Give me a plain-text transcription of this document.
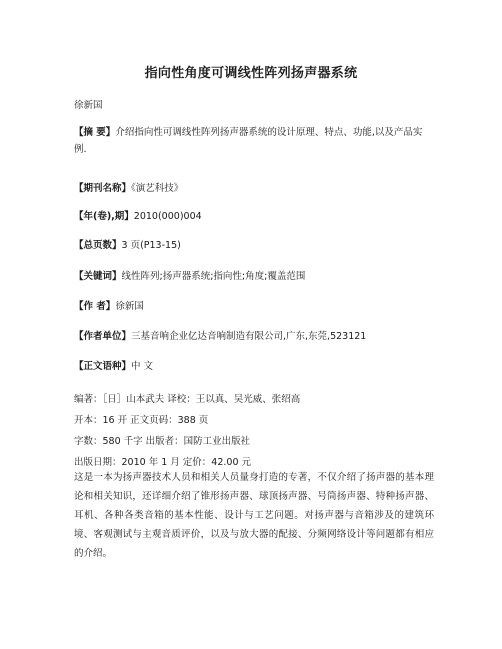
指向性角度可调线性阵列扬声器系统
徐新国
【摘 要】介绍指向性可调线性阵列扬声器系统的设计原理、特点、功能,以及产品实例.
【期刊名称】《演艺科技》
【年(卷),期】2010(000)004
【总页数】3 页(P13-15)
【关键词】线性阵列;扬声器系统;指向性;角度;覆盖范围
【作 者】徐新国
【作者单位】三基音响企业亿达音响制造有限公司,广东,东莞,523121
【正文语种】中 文
编著：［日］山本武夫 译校：王以真、吴光威、张绍高
开本：16 开 正文页码：388 页
字数：580 千字 出版者：国防工业出版社
出版日期：2010 年 1 月 定价：42.00 元
这是一本为扬声器技术人员和相关人员量身打造的专著，不仅介绍了扬声器的基本理论和相关知识，还详细介绍了锥形扬声器、球顶扬声器、号筒扬声器、特种扬声器、耳机、各种各类音箱的基本性能、设计与工艺问题。对扬声器与音箱涉及的建筑环境、客观测试与主观音质评价，以及与放大器的配接、分频网络设计等问题都有相应的介绍。
